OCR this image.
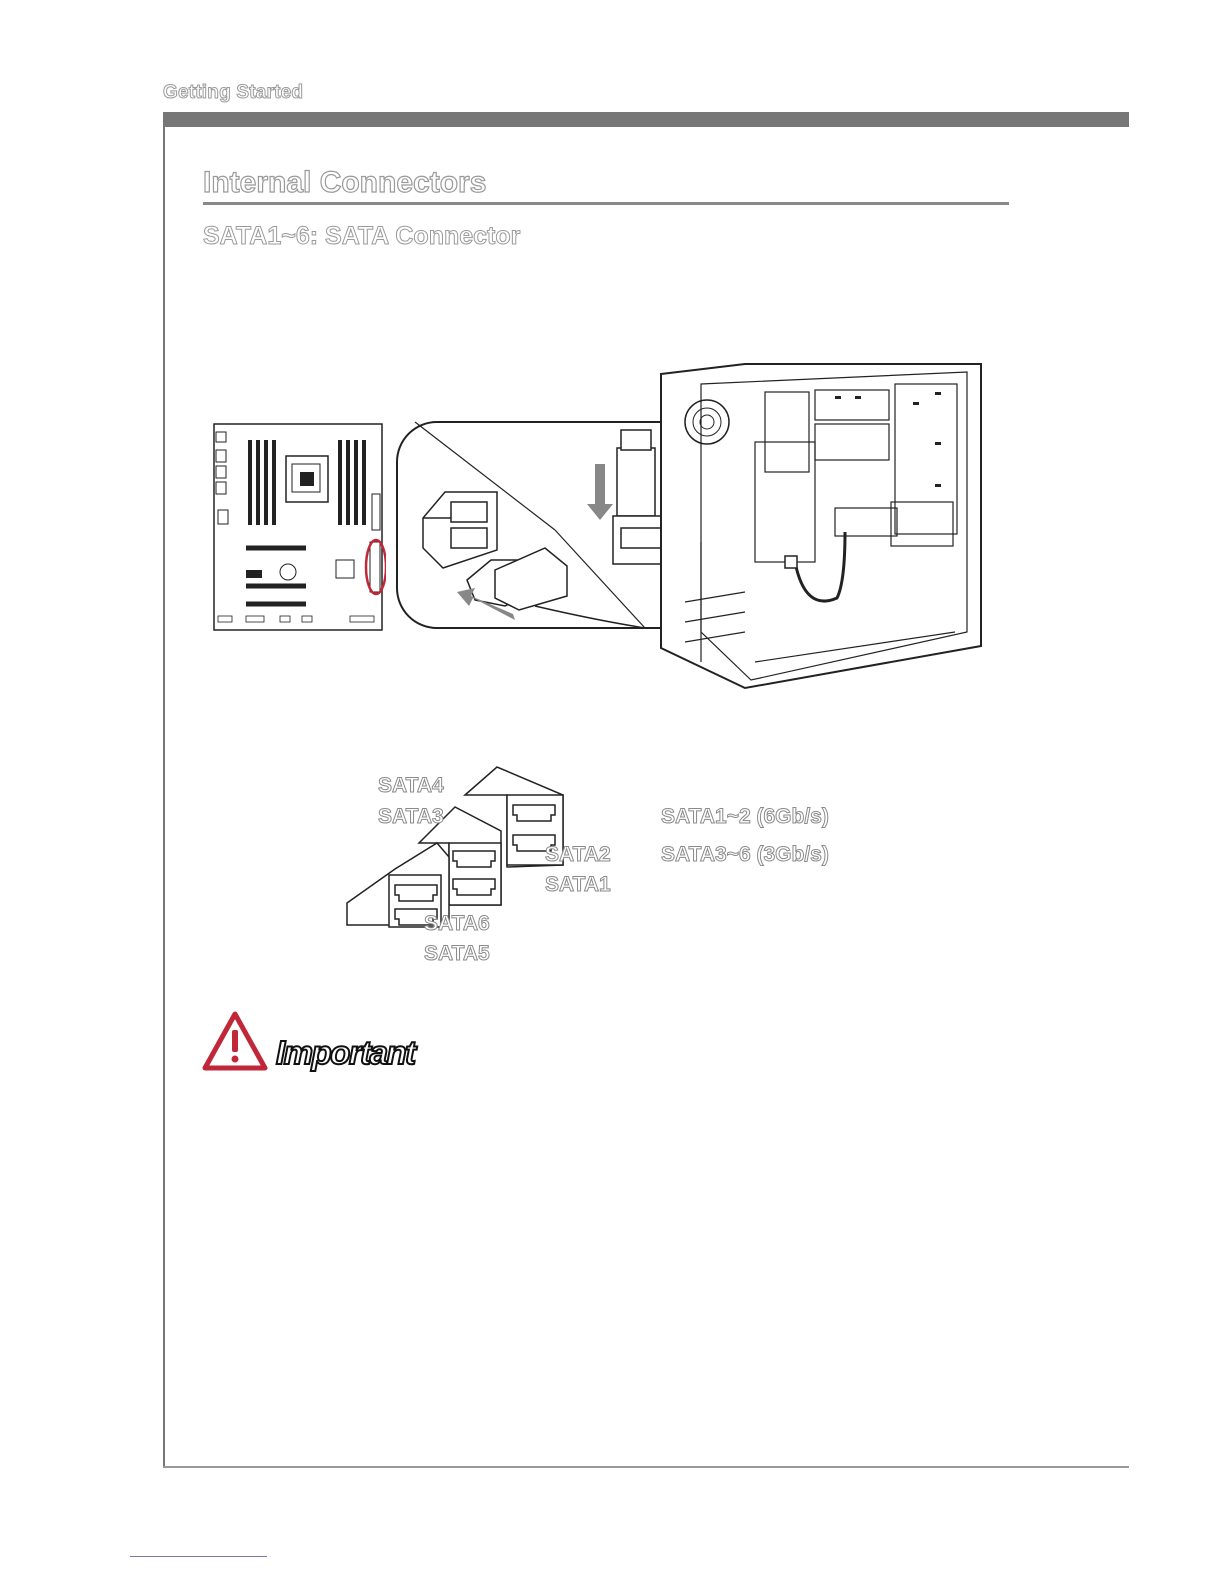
Getting Started
Internal Connectors
SATA1~6: SATA Connector
SATA4
SATA3
SATA2
SATA1
SATA6
SATA5
SATA1~2 (6Gb/s)
SATA3~6 (3Gb/s)
Important
